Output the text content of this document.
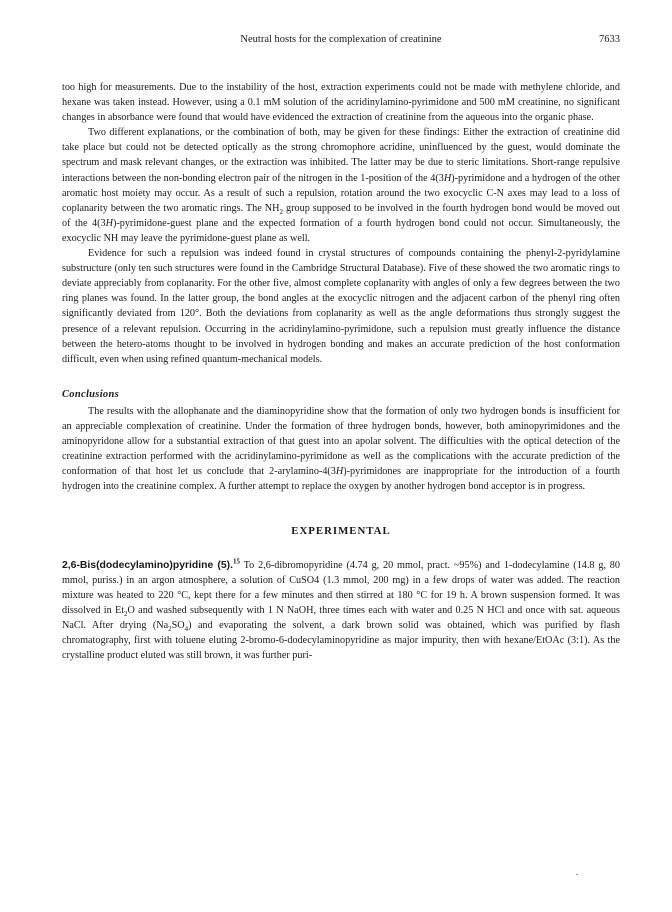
Neutral hosts for the complexation of creatinine	7633

too high for measurements. Due to the instability of the host, extraction experiments could not be made with methylene chloride, and hexane was taken instead. However, using a 0.1 mM solution of the acridinylamino-pyrimidone and 500 mM creatinine, no significant changes in absorbance were found that would have evidenced the extraction of creatinine from the aqueous into the organic phase.

Two different explanations, or the combination of both, may be given for these findings: Either the extraction of creatinine did take place but could not be detected optically as the strong chromophore acridine, uninfluenced by the guest, would dominate the spectrum and mask relevant changes, or the extraction was inhibited. The latter may be due to steric limitations. Short-range repulsive interactions between the non-bonding electron pair of the nitrogen in the 1-position of the 4(3H)-pyrimidone and a hydrogen of the other aromatic host moiety may occur. As a result of such a repulsion, rotation around the two exocyclic C-N axes may lead to a loss of coplanarity between the two aromatic rings. The $NH_2$ group supposed to be involved in the fourth hydrogen bond would be moved out of the 4(3H)-pyrimidone-guest plane and the expected formation of a fourth hydrogen bond could not occur. Simultaneously, the exocyclic NH may leave the pyrimidone-guest plane as well.

Evidence for such a repulsion was indeed found in crystal structures of compounds containing the phenyl-2-pyridylamine substructure (only ten such structures were found in the Cambridge Structural Database). Five of these showed the two aromatic rings to deviate appreciably from coplanarity. For the other five, almost complete coplanarity with angles of only a few degrees between the two ring planes was found. In the latter group, the bond angles at the exocyclic nitrogen and the adjacent carbon of the phenyl ring often significantly deviated from 120°. Both the deviations from coplanarity as well as the angle deformations thus strongly suggest the presence of a relevant repulsion. Occurring in the acridinylamino-pyrimidone, such a repulsion must greatly influence the distance between the hetero-atoms thought to be involved in hydrogen bonding and makes an accurate prediction of the host conformation difficult, even when using refined quantum-mechanical models.

Conclusions

The results with the allophanate and the diaminopyridine show that the formation of only two hydrogen bonds is insufficient for an appreciable complexation of creatinine. Under the formation of three hydrogen bonds, however, both aminopyrimidones and the aminopyridone allow for a substantial extraction of that guest into an apolar solvent. The difficulties with the optical detection of the creatinine extraction performed with the acridinylamino-pyrimidone as well as the complications with the accurate prediction of the conformation of that host let us conclude that 2-arylamino-4(3H)-pyrimidones are inappropriate for the introduction of a fourth hydrogen into the creatinine complex. A further attempt to replace the oxygen by another hydrogen bond acceptor is in progress.

EXPERIMENTAL

2,6-Bis(dodecylamino)pyridine (5).$^{15}$ To 2,6-dibromopyridine (4.74 g, 20 mmol, pract. ~95%) and 1-dodecylamine (14.8 g, 80 mmol, puriss.) in an argon atmosphere, a solution of CuSO4 (1.3 mmol, 200 mg) in a few drops of water was added. The reaction mixture was heated to 220 °C, kept there for a few minutes and then stirred at 180 °C for 19 h. A brown suspension formed. It was dissolved in $Et_2O$ and washed subsequently with 1 N NaOH, three times each with water and 0.25 N HCl and once with sat. aqueous NaCl. After drying $(Na_2SO_4)$ and evaporating the solvent, a dark brown solid was obtained, which was purified by flash chromatography, first with toluene eluting 2-bromo-6-dodecylaminopyridine as major impurity, then with hexane/EtOAc (3:1). As the crystalline product eluted was still brown, it was further puri-

.
